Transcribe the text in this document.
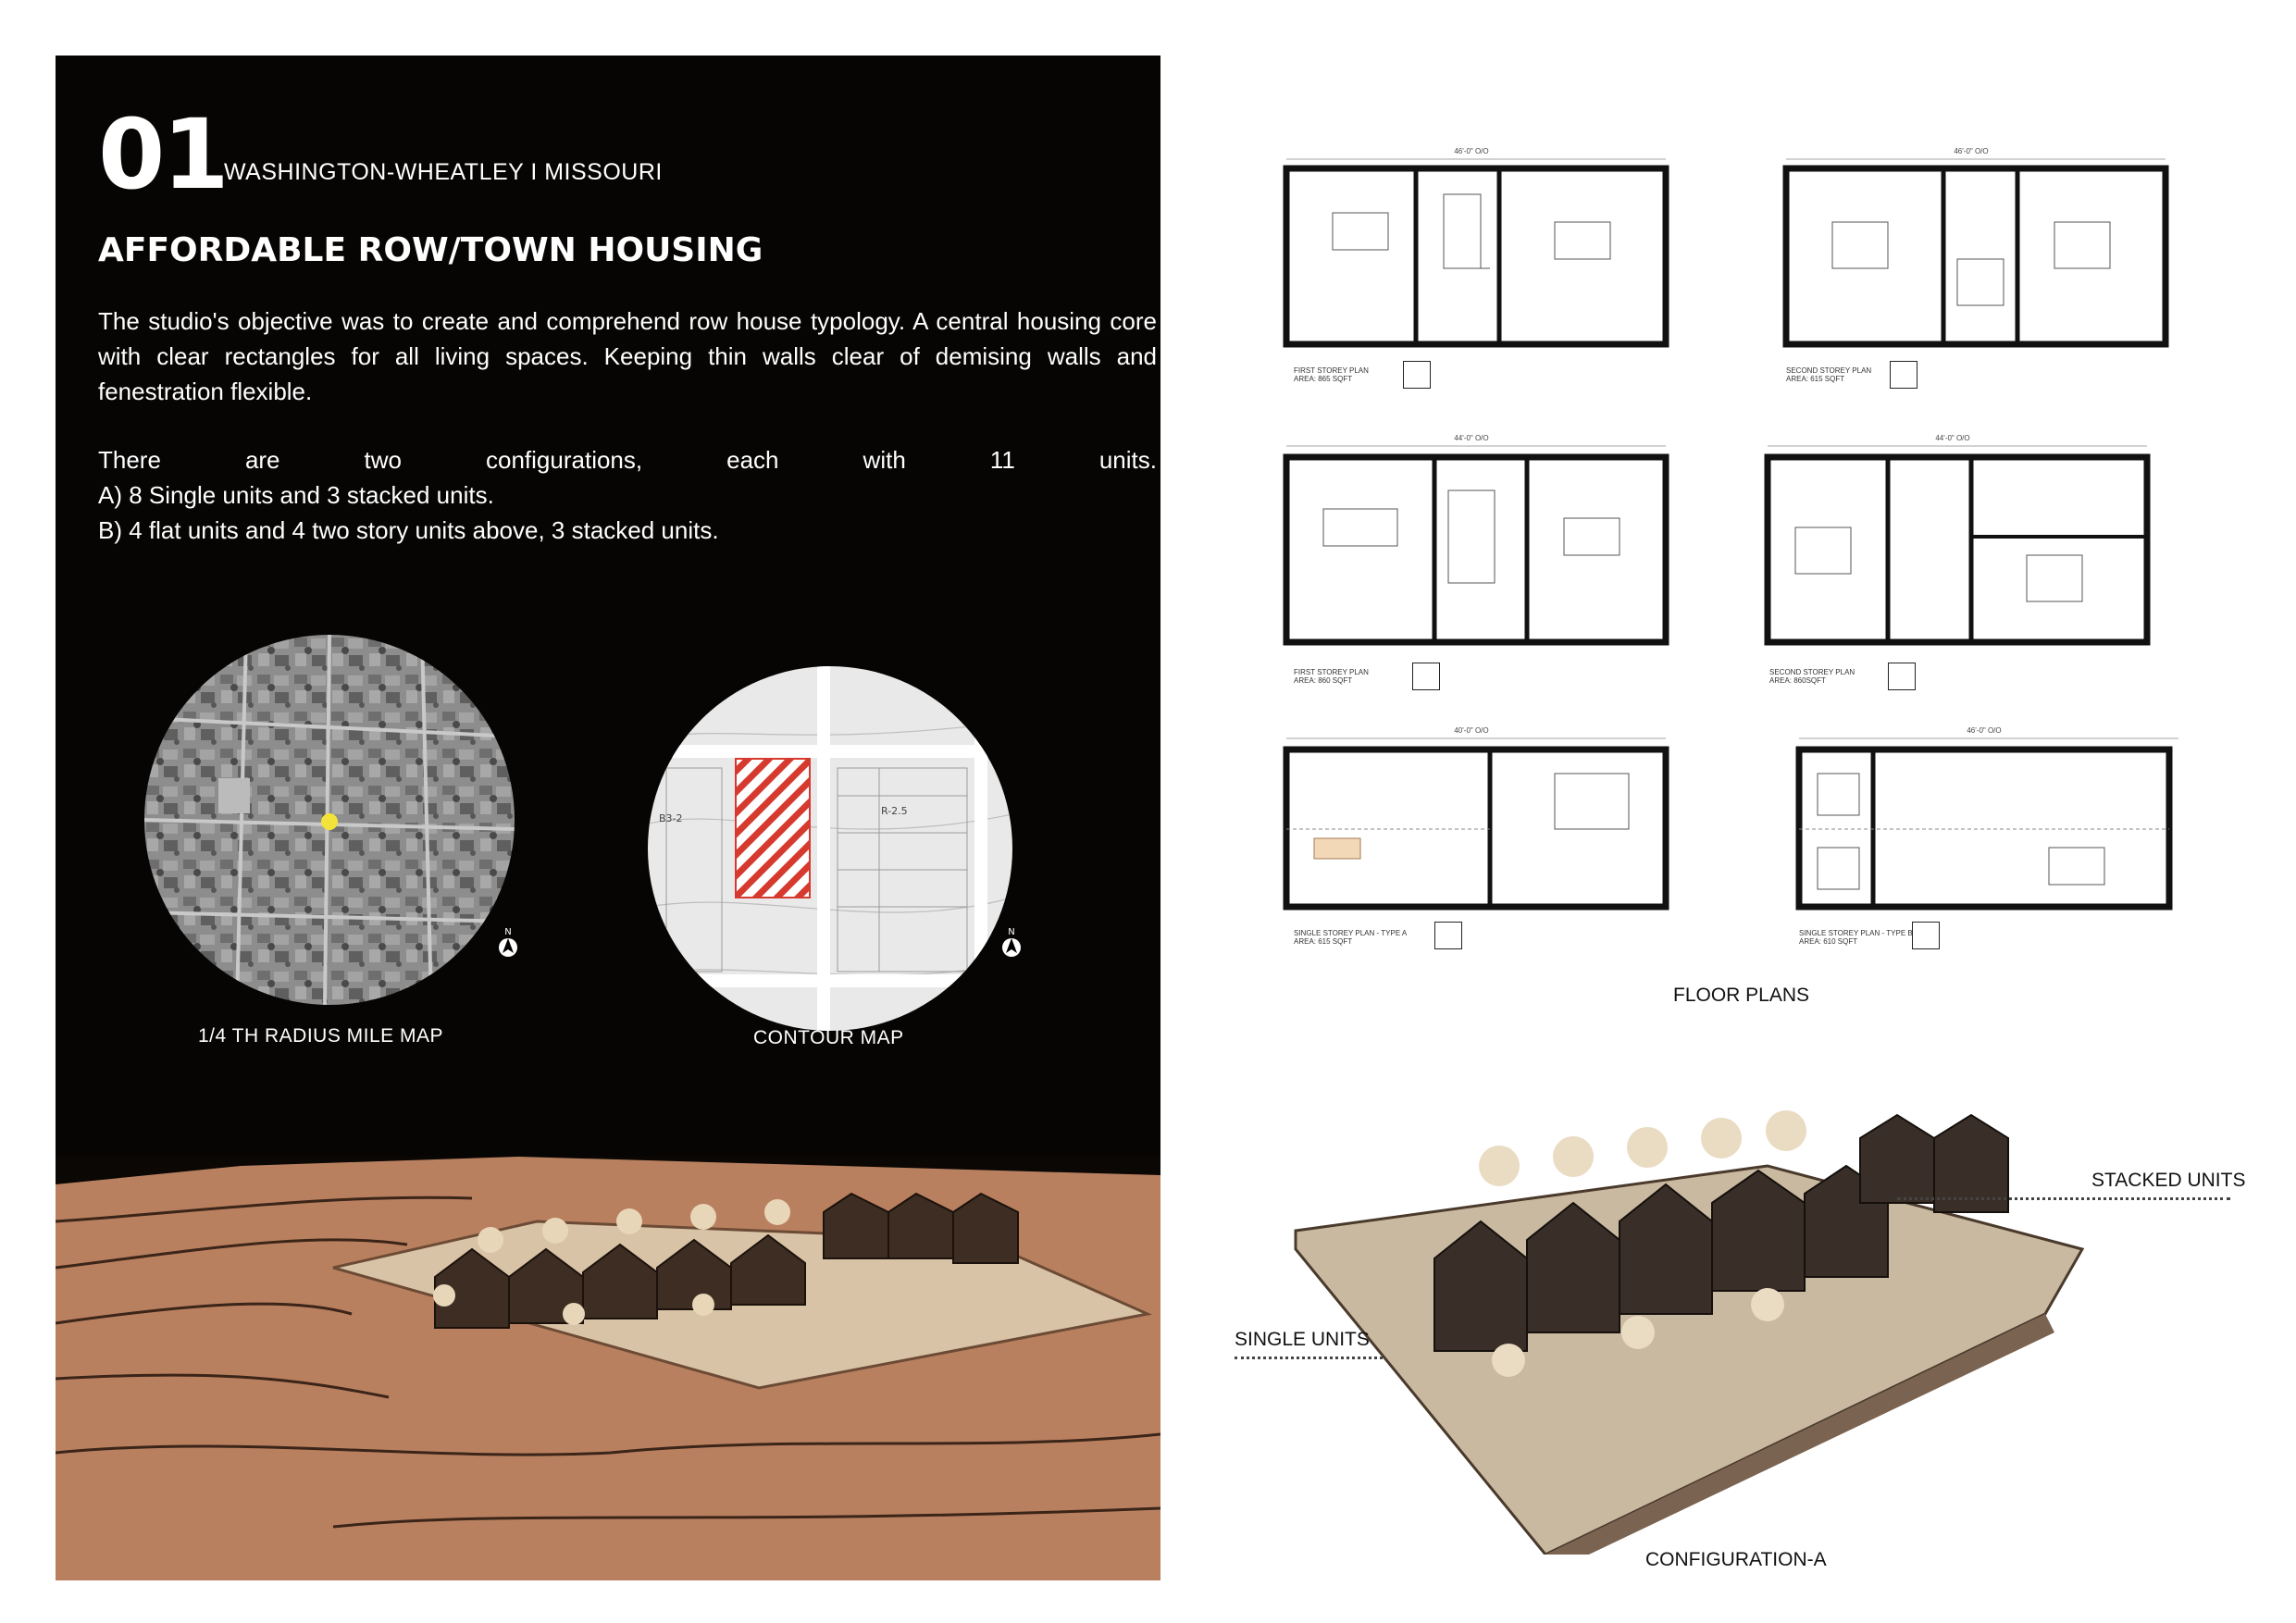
01
WASHINGTON-WHEATLEY I MISSOURI
AFFORDABLE ROW/TOWN HOUSING
The studio's objective was to create and comprehend row house typology. A central housing core with clear rectangles for all living spaces. Keeping thin walls clear of demising walls and fenestration flexible.
There	are	two	configurations,	each	with	11	units.
A) 8 Single units and 3 stacked units.
B) 4 flat units and 4 two story units above, 3 stacked units.
N
1/4 TH RADIUS MILE MAP
B3-2
R-2.5
N
CONTOUR MAP
46'-0" O/O
FIRST STOREY PLAN
AREA: 865 SQFT
46'-0" O/O
SECOND STOREY PLAN
AREA: 615 SQFT
44'-0" O/O
FIRST STOREY PLAN
AREA: 860 SQFT
44'-0" O/O
SECOND STOREY PLAN
AREA: 860SQFT
40'-0" O/O
SINGLE STOREY PLAN - TYPE A
AREA: 615 SQFT
46'-0" O/O
SINGLE STOREY PLAN - TYPE B
AREA: 610 SQFT
FLOOR PLANS
STACKED UNITS
SINGLE UNITS
CONFIGURATION-A
